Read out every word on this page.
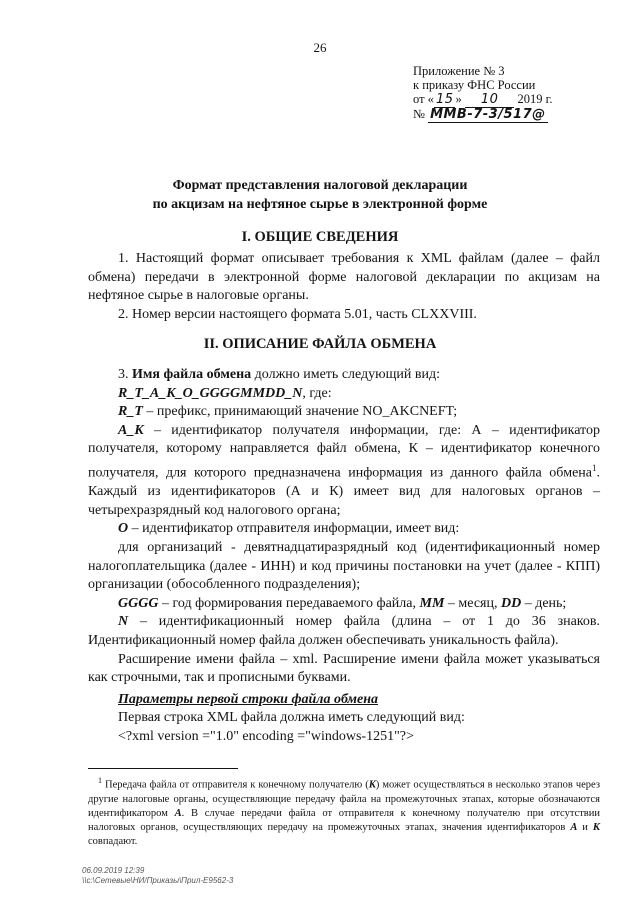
26
Приложение № 3
к приказу ФНС России
от « 15 » 10 2019 г.
№ ММВ-7-3/517@
Формат представления налоговой декларации
по акцизам на нефтяное сырье в электронной форме
I. ОБЩИЕ СВЕДЕНИЯ

1. Настоящий формат описывает требования к XML файлам (далее – файл обмена) передачи в электронной форме налоговой декларации по акцизам на нефтяное сырье в налоговые органы.

2. Номер версии настоящего формата 5.01, часть CLXXVIII.

II. ОПИСАНИЕ ФАЙЛА ОБМЕНА

3. Имя файла обмена должно иметь следующий вид:

R_T_A_K_O_GGGGMMDD_N, где:

R_T – префикс, принимающий значение NO_AKCNEFT;

A_K – идентификатор получателя информации, где: А – идентификатор получателя, которому направляется файл обмена, К – идентификатор конечного получателя, для которого предназначена информация из данного файла обмена$^1$. Каждый из идентификаторов (А и К) имеет вид для налоговых органов – четырехразрядный код налогового органа;

O – идентификатор отправителя информации, имеет вид:

для организаций - девятнадцатиразрядный код (идентификационный номер налогоплательщика (далее - ИНН) и код причины постановки на учет (далее - КПП) организации (обособленного подразделения);

GGGG – год формирования передаваемого файла, MM – месяц, DD – день;

N – идентификационный номер файла (длина – от 1 до 36 знаков. Идентификационный номер файла должен обеспечивать уникальность файла).

Расширение имени файла – xml. Расширение имени файла может указываться как строчными, так и прописными буквами.

Параметры первой строки файла обмена

Первая строка XML файла должна иметь следующий вид:

<?xml version ="1.0" encoding ="windows-1251"?>

$^1$ Передача файла от отправителя к конечному получателю (К) может осуществляться в несколько этапов через другие налоговые органы, осуществляющие передачу файла на промежуточных этапах, которые обозначаются идентификатором А. В случае передачи файла от отправителя к конечному получателю при отсутствии налоговых органов, осуществляющих передачу на промежуточных этапах, значения идентификаторов А и К совпадают.

06.09.2019 12:39
\\c:\Сетевые\НИ/Приказы\Прил-Е9562-3
